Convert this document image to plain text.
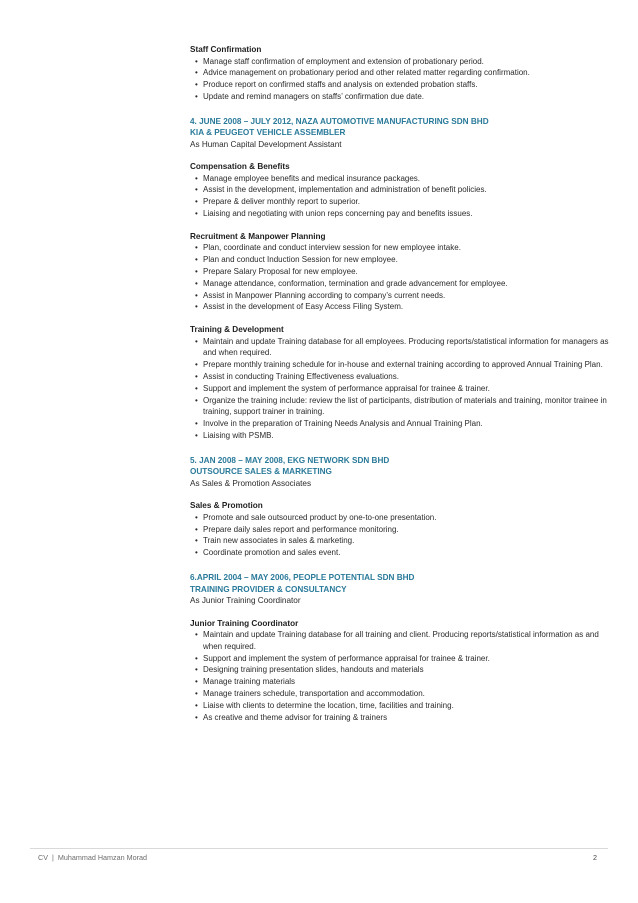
Staff Confirmation
• Manage staff confirmation of employment and extension of probationary period.
• Advice management on probationary period and other related matter regarding confirmation.
• Produce report on confirmed staffs and analysis on extended probation staffs.
• Update and remind managers on staffs’ confirmation due date.
4. JUNE 2008 – JULY 2012, NAZA AUTOMOTIVE MANUFACTURING SDN BHD
KIA & PEUGEOT VEHICLE ASSEMBLER
As Human Capital Development Assistant
Compensation & Benefits
• Manage employee benefits and medical insurance packages.
• Assist in the development, implementation and administration of benefit policies.
• Prepare & deliver monthly report to superior.
• Liaising and negotiating with union reps concerning pay and benefits issues.
Recruitment & Manpower Planning
• Plan, coordinate and conduct interview session for new employee intake.
• Plan and conduct Induction Session for new employee.
• Prepare Salary Proposal for new employee.
• Manage attendance, conformation, termination and grade advancement for employee.
• Assist in Manpower Planning according to company’s current needs.
• Assist in the development of Easy Access Filing System.
Training & Development
• Maintain and update Training database for all employees. Producing reports/statistical information for managers as and when required.
• Prepare monthly training schedule for in-house and external training according to approved Annual Training Plan.
• Assist in conducting Training Effectiveness evaluations.
• Support and implement the system of performance appraisal for trainee & trainer.
• Organize the training include: review the list of participants, distribution of materials and training, monitor trainee in training, support trainer in training.
• Involve in the preparation of Training Needs Analysis and Annual Training Plan.
• Liaising with PSMB.
5. JAN 2008 – MAY 2008, EKG NETWORK SDN BHD
OUTSOURCE SALES & MARKETING
As Sales & Promotion Associates
Sales & Promotion
• Promote and sale outsourced product by one-to-one presentation.
• Prepare daily sales report and performance monitoring.
• Train new associates in sales & marketing.
• Coordinate promotion and sales event.
6.APRIL 2004 – MAY 2006, PEOPLE POTENTIAL SDN BHD
TRAINING PROVIDER & CONSULTANCY
As Junior Training Coordinator
Junior Training Coordinator
• Maintain and update Training database for all training and client. Producing reports/statistical information as and when required.
• Support and implement the system of performance appraisal for trainee & trainer.
• Designing training presentation slides, handouts and materials
• Manage training materials
• Manage trainers schedule, transportation and accommodation.
• Liaise with clients to determine the location, time, facilities and training.
• As creative and theme advisor for training & trainers
CV | Muhammad Hamzan Morad	2
